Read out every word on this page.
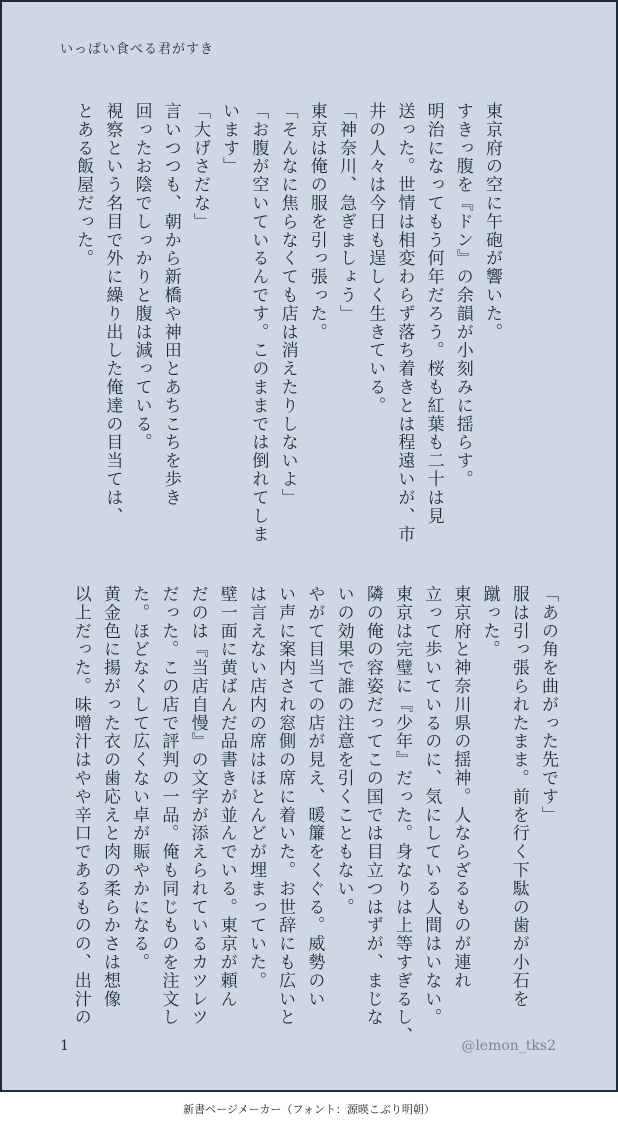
いっぱい食べる君がすき

東京府の空に午砲が響いた。

すきっ腹を『ドン』の余韻が小刻みに揺らす。

明治になってもう何年だろう。桜も紅葉も二十は見

送った。世情は相変わらず落ち着きとは程遠いが、市

井の人々は今日も逞しく生きている。

「神奈川、急ぎましょう」

東京は俺の服を引っ張った。

「そんなに焦らなくても店は消えたりしないよ」

「お腹が空いているんです。このままでは倒れてしま

います」

「大げさだな」

言いつつも、朝から新橋や神田とあちこちを歩き

回ったお陰でしっかりと腹は減っている。

視察という名目で外に繰り出した俺達の目当ては、

とある飯屋だった。

「あの角を曲がった先です」

服は引っ張られたまま。前を行く下駄の歯が小石を

蹴った。

東京府と神奈川県の揺神。人ならざるものが連れ

立って歩いているのに、気にしている人間はいない。

東京は完璧に『少年』だった。身なりは上等すぎるし、

隣の俺の容姿だってこの国では目立つはずが、まじな

いの効果で誰の注意を引くこともない。

やがて目当ての店が見え、暖簾をくぐる。威勢のい

い声に案内され窓側の席に着いた。お世辞にも広いと

は言えない店内の席はほとんどが埋まっていた。

壁一面に黄ばんだ品書きが並んでいる。東京が頼ん

だのは『当店自慢』の文字が添えられているカツレツ

だった。この店で評判の一品。俺も同じものを注文し

た。ほどなくして広くない卓が賑やかになる。

黄金色に揚がった衣の歯応えと肉の柔らかさは想像

以上だった。味噌汁はやや辛口であるものの、出汁の

1	@lemon_tks2
新書ページメーカー（フォント：源暎こぶり明朝）
